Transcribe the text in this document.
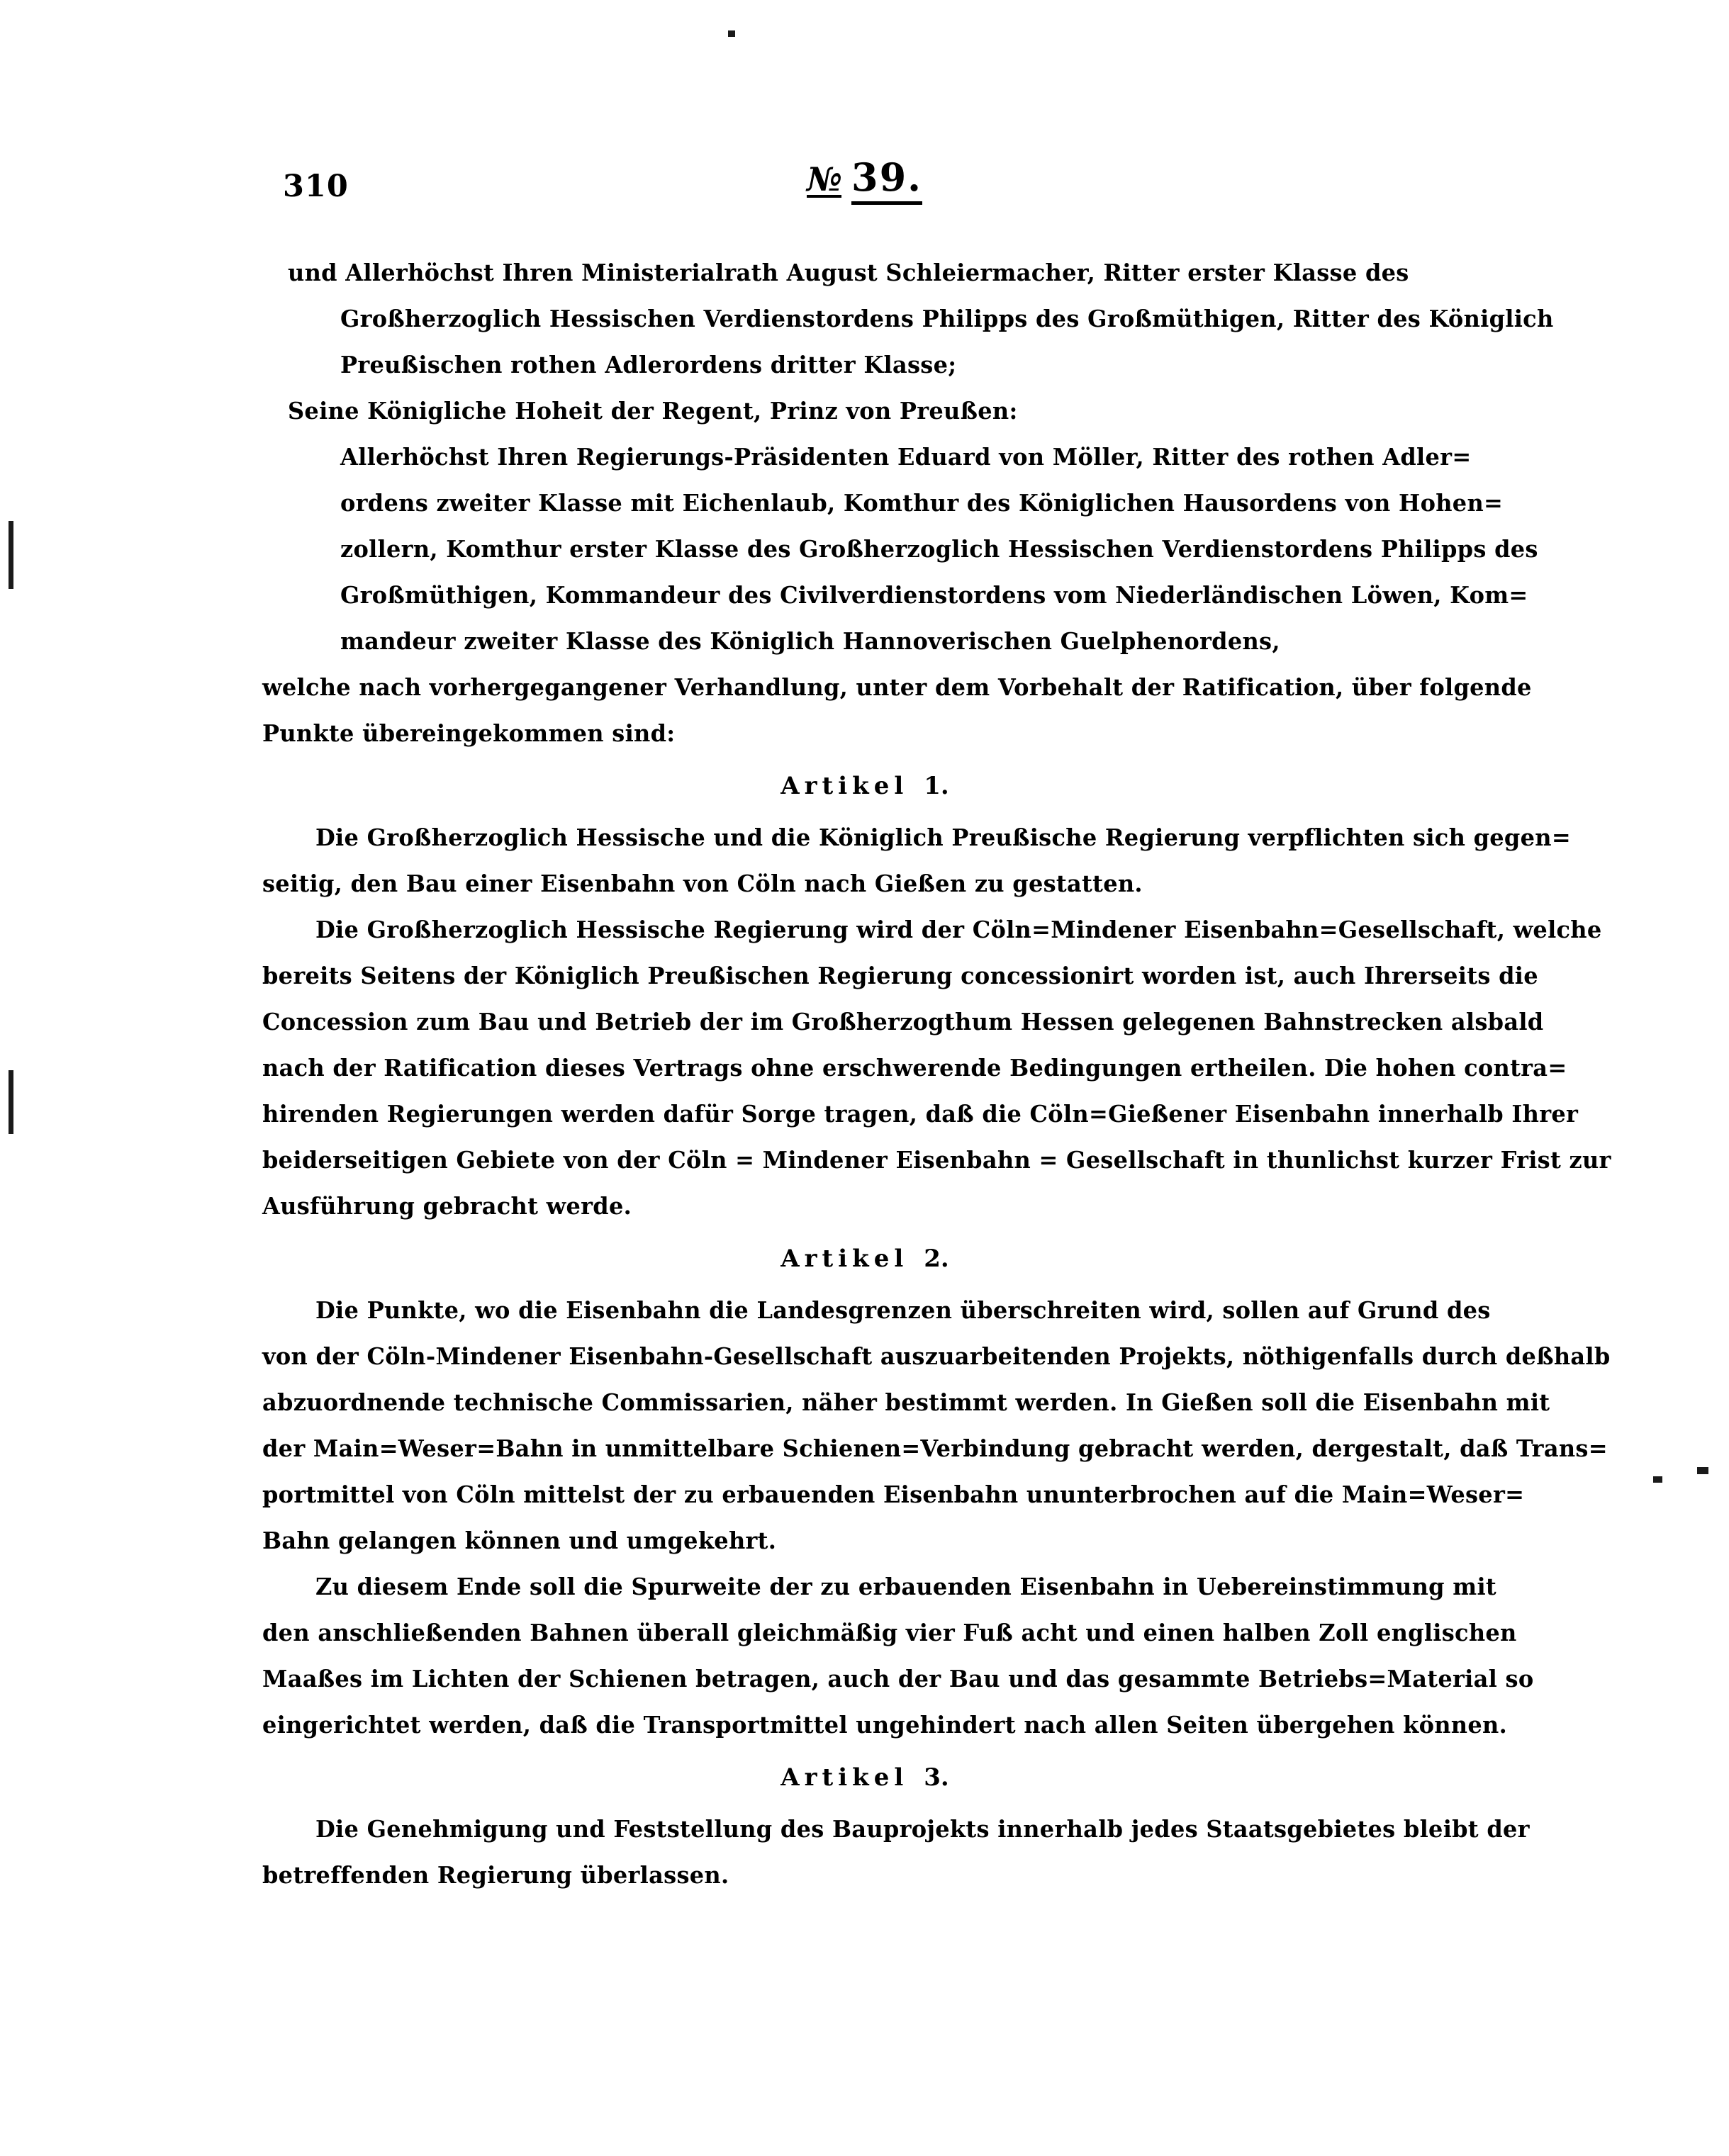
310	№ 39.
und Allerhöchst Ihren Ministerialrath August Schleiermacher, Ritter erster Klasse des
Großherzoglich Hessischen Verdienstordens Philipps des Großmüthigen, Ritter des Königlich
Preußischen rothen Adlerordens dritter Klasse;
Seine Königliche Hoheit der Regent, Prinz von Preußen:
Allerhöchst Ihren Regierungs-Präsidenten Eduard von Möller, Ritter des rothen Adler=
ordens zweiter Klasse mit Eichenlaub, Komthur des Königlichen Hausordens von Hohen=
zollern, Komthur erster Klasse des Großherzoglich Hessischen Verdienstordens Philipps des
Großmüthigen, Kommandeur des Civilverdienstordens vom Niederländischen Löwen, Kom=
mandeur zweiter Klasse des Königlich Hannoverischen Guelphenordens,
welche nach vorhergegangener Verhandlung, unter dem Vorbehalt der Ratification, über folgende
Punkte übereingekommen sind:
Artikel 1.
Die Großherzoglich Hessische und die Königlich Preußische Regierung verpflichten sich gegen=
seitig, den Bau einer Eisenbahn von Cöln nach Gießen zu gestatten.
Die Großherzoglich Hessische Regierung wird der Cöln=Mindener Eisenbahn=Gesellschaft, welche
bereits Seitens der Königlich Preußischen Regierung concessionirt worden ist, auch Ihrerseits die
Concession zum Bau und Betrieb der im Großherzogthum Hessen gelegenen Bahnstrecken alsbald
nach der Ratification dieses Vertrags ohne erschwerende Bedingungen ertheilen. Die hohen contra=
hirenden Regierungen werden dafür Sorge tragen, daß die Cöln=Gießener Eisenbahn innerhalb Ihrer
beiderseitigen Gebiete von der Cöln = Mindener Eisenbahn = Gesellschaft in thunlichst kurzer Frist zur
Ausführung gebracht werde.
Artikel 2.
Die Punkte, wo die Eisenbahn die Landesgrenzen überschreiten wird, sollen auf Grund des
von der Cöln-Mindener Eisenbahn-Gesellschaft auszuarbeitenden Projekts, nöthigenfalls durch deßhalb
abzuordnende technische Commissarien, näher bestimmt werden. In Gießen soll die Eisenbahn mit
der Main=Weser=Bahn in unmittelbare Schienen=Verbindung gebracht werden, dergestalt, daß Trans=
portmittel von Cöln mittelst der zu erbauenden Eisenbahn ununterbrochen auf die Main=Weser=
Bahn gelangen können und umgekehrt.
Zu diesem Ende soll die Spurweite der zu erbauenden Eisenbahn in Uebereinstimmung mit
den anschließenden Bahnen überall gleichmäßig vier Fuß acht und einen halben Zoll englischen
Maaßes im Lichten der Schienen betragen, auch der Bau und das gesammte Betriebs=Material so
eingerichtet werden, daß die Transportmittel ungehindert nach allen Seiten übergehen können.
Artikel 3.
Die Genehmigung und Feststellung des Bauprojekts innerhalb jedes Staatsgebietes bleibt der
betreffenden Regierung überlassen.
